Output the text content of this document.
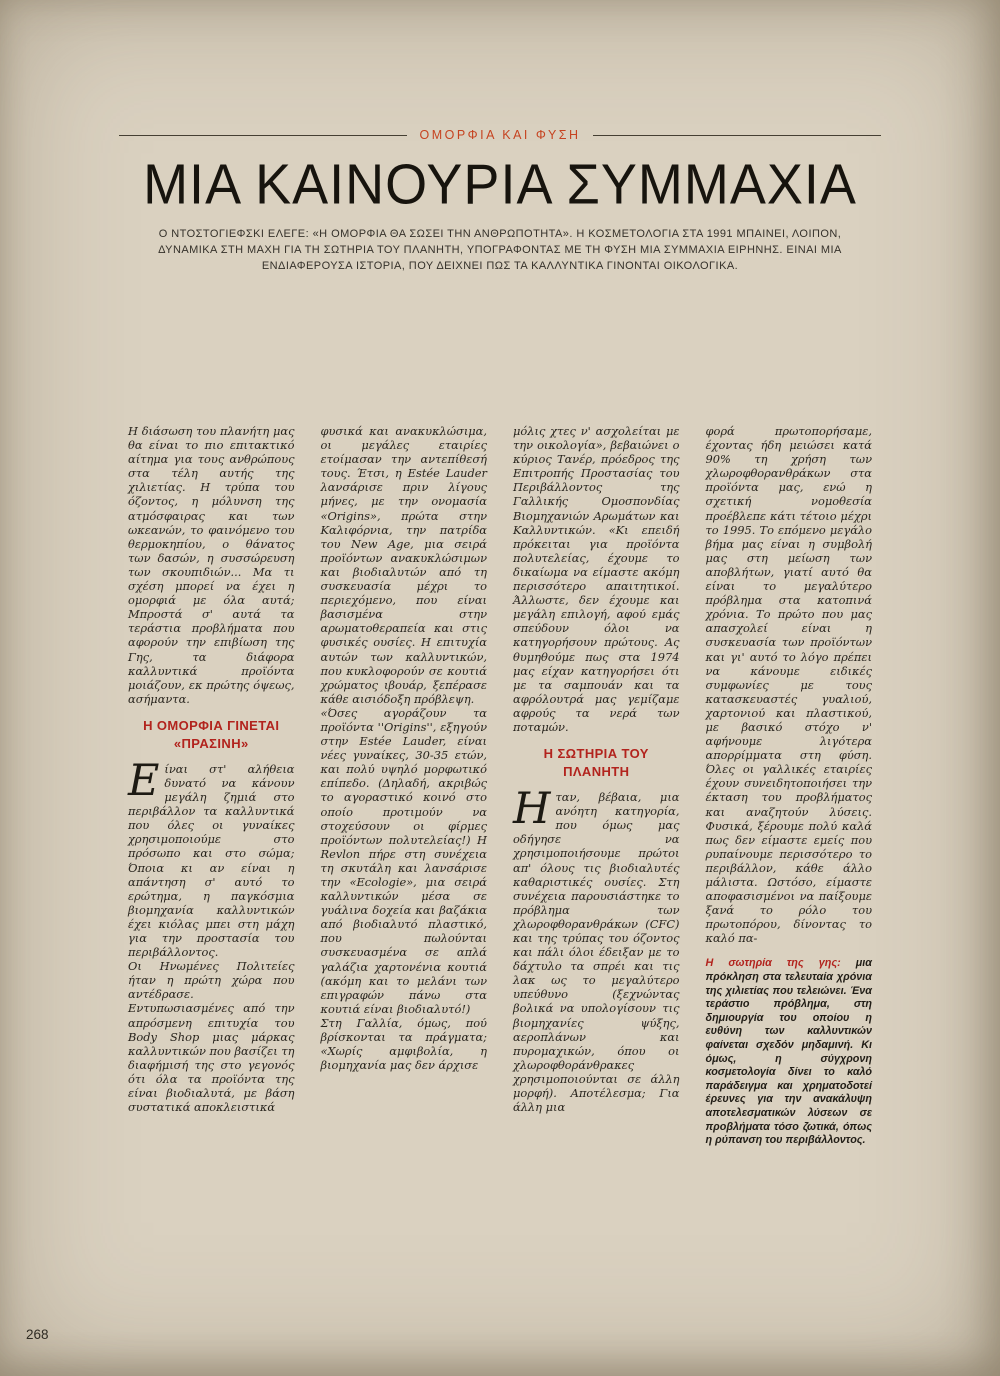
ΟΜΟΡΦΙΑ ΚΑΙ ΦΥΣΗ
ΜΙΑ ΚΑΙΝΟΥΡΙΑ ΣΥΜΜΑΧΙΑ

Ο ΝΤΟΣΤΟΓΙΕΦΣΚΙ ΕΛΕΓΕ: «Η ΟΜΟΡΦΙΑ ΘΑ ΣΩΣΕΙ ΤΗΝ ΑΝΘΡΩΠΟΤΗΤΑ». Η ΚΟΣΜΕΤΟΛΟΓΙΑ ΣΤΑ 1991 ΜΠΑΙΝΕΙ, ΛΟΙΠΟΝ, ΔΥΝΑΜΙΚΑ ΣΤΗ ΜΑΧΗ ΓΙΑ ΤΗ ΣΩΤΗΡΙΑ ΤΟΥ ΠΛΑΝΗΤΗ, ΥΠΟΓΡΑΦΟΝΤΑΣ ΜΕ ΤΗ ΦΥΣΗ ΜΙΑ ΣΥΜΜΑΧΙΑ ΕΙΡΗΝΗΣ. ΕΙΝΑΙ ΜΙΑ ΕΝΔΙΑΦΕΡΟΥΣΑ ΙΣΤΟΡΙΑ, ΠΟΥ ΔΕΙΧΝΕΙ ΠΩΣ ΤΑ ΚΑΛΛΥΝΤΙΚΑ ΓΙΝΟΝΤΑΙ ΟΙΚΟΛΟΓΙΚΑ.

Η διάσωση του πλανήτη μας θα είναι το πιο επιτακτικό αίτημα για τους ανθρώπους στα τέλη αυτής της χιλιετίας. Η τρύπα του όζοντος, η μόλυνση της ατμόσφαιρας και των ωκεανών, το φαινόμενο του θερμοκηπίου, ο θάνατος των δασών, η συσσώρευση των σκουπιδιών... Μα τι σχέση μπορεί να έχει η ομορφιά με όλα αυτά; Μπροστά σ' αυτά τα τεράστια προβλήματα που αφορούν την επιβίωση της Γης, τα διάφορα καλλυντικά προϊόντα μοιάζουν, εκ πρώτης όψεως, ασήμαντα.

Η ΟΜΟΡΦΙΑ ΓΙΝΕΤΑΙ «ΠΡΑΣΙΝΗ»

Είναι στ' αλήθεια δυνατό να κάνουν μεγάλη ζημιά στο περιβάλλον τα καλλυντικά που όλες οι γυναίκες χρησιμοποιούμε στο πρόσωπο και στο σώμα; Όποια κι αν είναι η απάντηση σ' αυτό το ερώτημα, η παγκόσμια βιομηχανία καλλυντικών έχει κιόλας μπει στη μάχη για την προστασία του περιβάλλοντος.

Οι Ηνωμένες Πολιτείες ήταν η πρώτη χώρα που αντέδρασε. Εντυπωσιασμένες από την απρόσμενη επιτυχία του Body Shop μιας μάρκας καλλυντικών που βασίζει τη διαφήμισή της στο γεγονός ότι όλα τα προϊόντα της είναι βιοδιαλυτά, με βάση συστατικά αποκλειστικά

φυσικά και ανακυκλώσιμα, οι μεγάλες εταιρίες ετοίμασαν την αντεπίθεσή τους. Έτσι, η Estée Lauder λανσάρισε πριν λίγους μήνες, με την ονομασία «Origins», πρώτα στην Καλιφόρνια, την πατρίδα του New Age, μια σειρά προϊόντων ανακυκλώσιμων και βιοδιαλυτών από τη συσκευασία μέχρι το περιεχόμενο, που είναι βασισμένα στην αρωματοθεραπεία και στις φυσικές ουσίες. Η επιτυχία αυτών των καλλυντικών, που κυκλοφορούν σε κουτιά χρώματος ιβουάρ, ξεπέρασε κάθε αισιόδοξη πρόβλεψη.

«Όσες αγοράζουν τα προϊόντα ''Origins'', εξηγούν στην Estée Lauder, είναι νέες γυναίκες, 30-35 ετών, και πολύ υψηλό μορφωτικό επίπεδο. (Δηλαδή, ακριβώς το αγοραστικό κοινό στο οποίο προτιμούν να στοχεύσουν οι φίρμες προϊόντων πολυτελείας!) Η Revlon πήρε στη συνέχεια τη σκυτάλη και λανσάρισε την «Ecologie», μια σειρά καλλυντικών μέσα σε γυάλινα δοχεία και βαζάκια από βιοδιαλυτό πλαστικό, που πωλούνται συσκευασμένα σε απλά γαλάζια χαρτονένια κουτιά (ακόμη και το μελάνι των επιγραφών πάνω στα κουτιά είναι βιοδιαλυτό!)

Στη Γαλλία, όμως, πού βρίσκονται τα πράγματα; «Χωρίς αμφιβολία, η βιομηχανία μας δεν άρχισε

μόλις χτες ν' ασχολείται με την οικολογία», βεβαιώνει ο κύριος Τανέρ, πρόεδρος της Επιτροπής Προστασίας του Περιβάλλοντος της Γαλλικής Ομοσπονδίας Βιομηχανιών Αρωμάτων και Καλλυντικών. «Κι επειδή πρόκειται για προϊόντα πολυτελείας, έχουμε το δικαίωμα να είμαστε ακόμη περισσότερο απαιτητικοί. Άλλωστε, δεν έχουμε και μεγάλη επιλογή, αφού εμάς σπεύδουν όλοι να κατηγορήσουν πρώτους. Ας θυμηθούμε πως στα 1974 μας είχαν κατηγορήσει ότι με τα σαμπουάν και τα αφρόλουτρά μας γεμίζαμε αφρούς τα νερά των ποταμών.

Η ΣΩΤΗΡΙΑ ΤΟΥ ΠΛΑΝΗΤΗ

Ηταν, βέβαια, μια ανόητη κατηγορία, που όμως μας οδήγησε να χρησιμοποιήσουμε πρώτοι απ' όλους τις βιοδιαλυτές καθαριστικές ουσίες. Στη συνέχεια παρουσιάστηκε το πρόβλημα των χλωροφθορανθράκων (CFC) και της τρύπας του όζοντος και πάλι όλοι έδειξαν με το δάχτυλο τα σπρέι και τις λακ ως το μεγαλύτερο υπεύθυνο (ξεχνώντας βολικά να υπολογίσουν τις βιομηχανίες ψύξης, αεροπλάνων και πυρομαχικών, όπου οι χλωροφθοράνθρακες χρησιμοποιούνται σε άλλη μορφή). Αποτέλεσμα; Για άλλη μια

φορά πρωτοπορήσαμε, έχοντας ήδη μειώσει κατά 90% τη χρήση των χλωροφθορανθράκων στα προϊόντα μας, ενώ η σχετική νομοθεσία προέβλεπε κάτι τέτοιο μέχρι το 1995. Το επόμενο μεγάλο βήμα μας είναι η συμβολή μας στη μείωση των αποβλήτων, γιατί αυτό θα είναι το μεγαλύτερο πρόβλημα στα κατοπινά χρόνια. Το πρώτο που μας απασχολεί είναι η συσκευασία των προϊόντων και γι' αυτό το λόγο πρέπει να κάνουμε ειδικές συμφωνίες με τους κατασκευαστές γυαλιού, χαρτονιού και πλαστικού, με βασικό στόχο ν' αφήνουμε λιγότερα απορρίμματα στη φύση. Όλες οι γαλλικές εταιρίες έχουν συνειδητοποιήσει την έκταση του προβλήματος και αναζητούν λύσεις. Φυσικά, ξέρουμε πολύ καλά πως δεν είμαστε εμείς που ρυπαίνουμε περισσότερο το περιβάλλον, κάθε άλλο μάλιστα. Ωστόσο, είμαστε αποφασισμένοι να παίξουμε ξανά το ρόλο του πρωτοπόρου, δίνοντας το καλό πα-

Η σωτηρία της γης: μια πρόκληση στα τελευταία χρόνια της χιλιετίας που τελειώνει. Ένα τεράστιο πρόβλημα, στη δημιουργία του οποίου η ευθύνη των καλλυντικών φαίνεται σχεδόν μηδαμινή. Κι όμως, η σύγχρονη κοσμετολογία δίνει το καλό παράδειγμα και χρηματοδοτεί έρευνες για την ανακάλυψη αποτελεσματικών λύσεων σε προβλήματα τόσο ζωτικά, όπως η ρύπανση του περιβάλλοντος.

268
